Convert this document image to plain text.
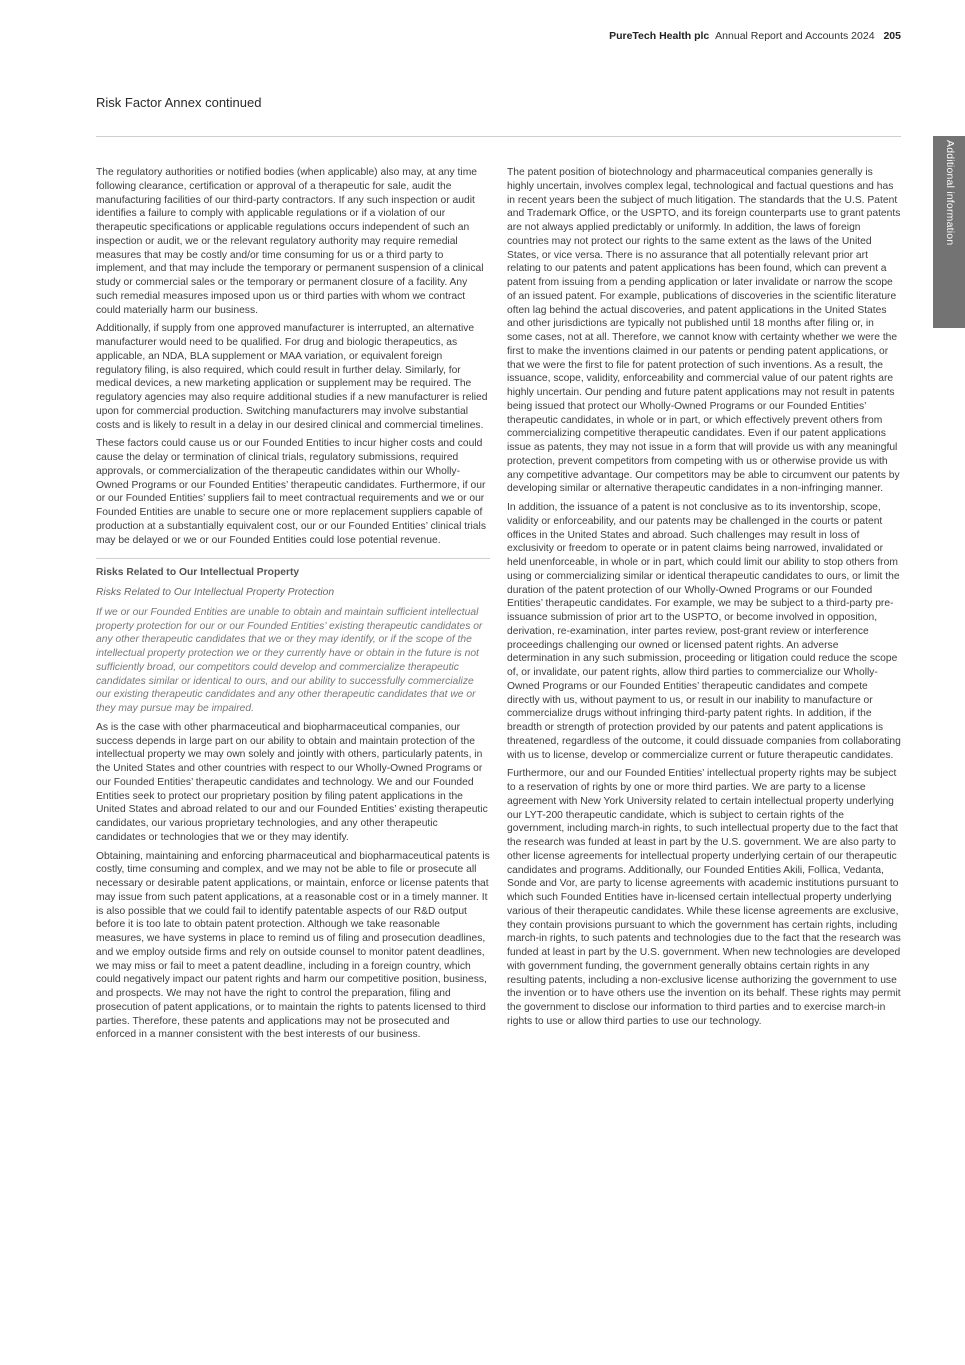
PureTech Health plc Annual Report and Accounts 2024 205
Risk Factor Annex continued
Additional information

The regulatory authorities or notified bodies (when applicable) also may, at any time following clearance, certification or approval of a therapeutic for sale, audit the manufacturing facilities of our third-party contractors. If any such inspection or audit identifies a failure to comply with applicable regulations or if a violation of our therapeutic specifications or applicable regulations occurs independent of such an inspection or audit, we or the relevant regulatory authority may require remedial measures that may be costly and/or time consuming for us or a third party to implement, and that may include the temporary or permanent suspension of a clinical study or commercial sales or the temporary or permanent closure of a facility. Any such remedial measures imposed upon us or third parties with whom we contract could materially harm our business.

Additionally, if supply from one approved manufacturer is interrupted, an alternative manufacturer would need to be qualified. For drug and biologic therapeutics, as applicable, an NDA, BLA supplement or MAA variation, or equivalent foreign regulatory filing, is also required, which could result in further delay. Similarly, for medical devices, a new marketing application or supplement may be required. The regulatory agencies may also require additional studies if a new manufacturer is relied upon for commercial production. Switching manufacturers may involve substantial costs and is likely to result in a delay in our desired clinical and commercial timelines.

These factors could cause us or our Founded Entities to incur higher costs and could cause the delay or termination of clinical trials, regulatory submissions, required approvals, or commercialization of the therapeutic candidates within our Wholly-Owned Programs or our Founded Entities’ therapeutic candidates. Furthermore, if our or our Founded Entities’ suppliers fail to meet contractual requirements and we or our Founded Entities are unable to secure one or more replacement suppliers capable of production at a substantially equivalent cost, our or our Founded Entities’ clinical trials may be delayed or we or our Founded Entities could lose potential revenue.

Risks Related to Our Intellectual Property
Risks Related to Our Intellectual Property Protection

If we or our Founded Entities are unable to obtain and maintain sufficient intellectual property protection for our or our Founded Entities’ existing therapeutic candidates or any other therapeutic candidates that we or they may identify, or if the scope of the intellectual property protection we or they currently have or obtain in the future is not sufficiently broad, our competitors could develop and commercialize therapeutic candidates similar or identical to ours, and our ability to successfully commercialize our existing therapeutic candidates and any other therapeutic candidates that we or they may pursue may be impaired.

As is the case with other pharmaceutical and biopharmaceutical companies, our success depends in large part on our ability to obtain and maintain protection of the intellectual property we may own solely and jointly with others, particularly patents, in the United States and other countries with respect to our Wholly-Owned Programs or our Founded Entities’ therapeutic candidates and technology. We and our Founded Entities seek to protect our proprietary position by filing patent applications in the United States and abroad related to our and our Founded Entities’ existing therapeutic candidates, our various proprietary technologies, and any other therapeutic candidates or technologies that we or they may identify.

Obtaining, maintaining and enforcing pharmaceutical and biopharmaceutical patents is costly, time consuming and complex, and we may not be able to file or prosecute all necessary or desirable patent applications, or maintain, enforce or license patents that may issue from such patent applications, at a reasonable cost or in a timely manner. It is also possible that we could fail to identify patentable aspects of our R&D output before it is too late to obtain patent protection. Although we take reasonable measures, we have systems in place to remind us of filing and prosecution deadlines, and we employ outside firms and rely on outside counsel to monitor patent deadlines, we may miss or fail to meet a patent deadline, including in a foreign country, which could negatively impact our patent rights and harm our competitive position, business, and prospects. We may not have the right to control the preparation, filing and prosecution of patent applications, or to maintain the rights to patents licensed to third parties. Therefore, these patents and applications may not be prosecuted and enforced in a manner consistent with the best interests of our business.

The patent position of biotechnology and pharmaceutical companies generally is highly uncertain, involves complex legal, technological and factual questions and has in recent years been the subject of much litigation. The standards that the U.S. Patent and Trademark Office, or the USPTO, and its foreign counterparts use to grant patents are not always applied predictably or uniformly. In addition, the laws of foreign countries may not protect our rights to the same extent as the laws of the United States, or vice versa. There is no assurance that all potentially relevant prior art relating to our patents and patent applications has been found, which can prevent a patent from issuing from a pending application or later invalidate or narrow the scope of an issued patent. For example, publications of discoveries in the scientific literature often lag behind the actual discoveries, and patent applications in the United States and other jurisdictions are typically not published until 18 months after filing or, in some cases, not at all. Therefore, we cannot know with certainty whether we were the first to make the inventions claimed in our patents or pending patent applications, or that we were the first to file for patent protection of such inventions. As a result, the issuance, scope, validity, enforceability and commercial value of our patent rights are highly uncertain. Our pending and future patent applications may not result in patents being issued that protect our Wholly-Owned Programs or our Founded Entities’ therapeutic candidates, in whole or in part, or which effectively prevent others from commercializing competitive therapeutic candidates. Even if our patent applications issue as patents, they may not issue in a form that will provide us with any meaningful protection, prevent competitors from competing with us or otherwise provide us with any competitive advantage. Our competitors may be able to circumvent our patents by developing similar or alternative therapeutic candidates in a non-infringing manner.

In addition, the issuance of a patent is not conclusive as to its inventorship, scope, validity or enforceability, and our patents may be challenged in the courts or patent offices in the United States and abroad. Such challenges may result in loss of exclusivity or freedom to operate or in patent claims being narrowed, invalidated or held unenforceable, in whole or in part, which could limit our ability to stop others from using or commercializing similar or identical therapeutic candidates to ours, or limit the duration of the patent protection of our Wholly-Owned Programs or our Founded Entities’ therapeutic candidates. For example, we may be subject to a third-party pre-issuance submission of prior art to the USPTO, or become involved in opposition, derivation, re-examination, inter partes review, post-grant review or interference proceedings challenging our owned or licensed patent rights. An adverse determination in any such submission, proceeding or litigation could reduce the scope of, or invalidate, our patent rights, allow third parties to commercialize our Wholly-Owned Programs or our Founded Entities’ therapeutic candidates and compete directly with us, without payment to us, or result in our inability to manufacture or commercialize drugs without infringing third-party patent rights. In addition, if the breadth or strength of protection provided by our patents and patent applications is threatened, regardless of the outcome, it could dissuade companies from collaborating with us to license, develop or commercialize current or future therapeutic candidates.

Furthermore, our and our Founded Entities’ intellectual property rights may be subject to a reservation of rights by one or more third parties. We are party to a license agreement with New York University related to certain intellectual property underlying our LYT-200 therapeutic candidate, which is subject to certain rights of the government, including march-in rights, to such intellectual property due to the fact that the research was funded at least in part by the U.S. government. We are also party to other license agreements for intellectual property underlying certain of our therapeutic candidates and programs. Additionally, our Founded Entities Akili, Follica, Vedanta, Sonde and Vor, are party to license agreements with academic institutions pursuant to which such Founded Entities have in-licensed certain intellectual property underlying various of their therapeutic candidates. While these license agreements are exclusive, they contain provisions pursuant to which the government has certain rights, including march-in rights, to such patents and technologies due to the fact that the research was funded at least in part by the U.S. government. When new technologies are developed with government funding, the government generally obtains certain rights in any resulting patents, including a non-exclusive license authorizing the government to use the invention or to have others use the invention on its behalf. These rights may permit the government to disclose our information to third parties and to exercise march-in rights to use or allow third parties to use our technology.
